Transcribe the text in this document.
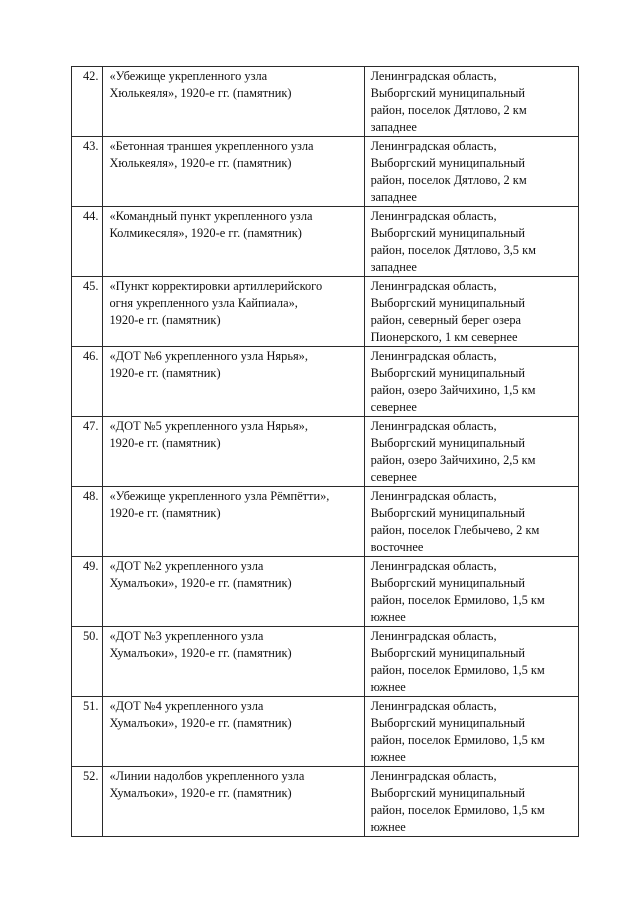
42.	«Убежище укрепленного узла
Хюлькеяля», 1920-е гг. (памятник)	Ленинградская область,
Выборгский муниципальный
район, поселок Дятлово, 2 км
западнее

43.	«Бетонная траншея укрепленного узла
Хюлькеяля», 1920-е гг. (памятник)	Ленинградская область,
Выборгский муниципальный
район, поселок Дятлово, 2 км
западнее

44.	«Командный пункт укрепленного узла
Колмикесяля», 1920-е гг. (памятник)	Ленинградская область,
Выборгский муниципальный
район, поселок Дятлово, 3,5 км
западнее

45.	«Пункт корректировки артиллерийского
огня укрепленного узла Кайпиала»,
1920-е гг. (памятник)	Ленинградская область,
Выборгский муниципальный
район, северный берег озера
Пионерского, 1 км севернее

46.	«ДОТ №6 укрепленного узла Нярья»,
1920-е гг. (памятник)	Ленинградская область,
Выборгский муниципальный
район, озеро Зайчихино, 1,5 км
севернее

47.	«ДОТ №5 укрепленного узла Нярья»,
1920-е гг. (памятник)	Ленинградская область,
Выборгский муниципальный
район, озеро Зайчихино, 2,5 км
севернее

48.	«Убежище укрепленного узла Рёмпётти»,
1920-е гг. (памятник)	Ленинградская область,
Выборгский муниципальный
район, поселок Глебычево, 2 км
восточнее

49.	«ДОТ №2 укрепленного узла
Хумалъоки», 1920-е гг. (памятник)	Ленинградская область,
Выборгский муниципальный
район, поселок Ермилово, 1,5 км
южнее

50.	«ДОТ №3 укрепленного узла
Хумалъоки», 1920-е гг. (памятник)	Ленинградская область,
Выборгский муниципальный
район, поселок Ермилово, 1,5 км
южнее

51.	«ДОТ №4 укрепленного узла
Хумалъоки», 1920-е гг. (памятник)	Ленинградская область,
Выборгский муниципальный
район, поселок Ермилово, 1,5 км
южнее

52.	«Линии надолбов укрепленного узла
Хумалъоки», 1920-е гг. (памятник)	Ленинградская область,
Выборгский муниципальный
район, поселок Ермилово, 1,5 км
южнее
